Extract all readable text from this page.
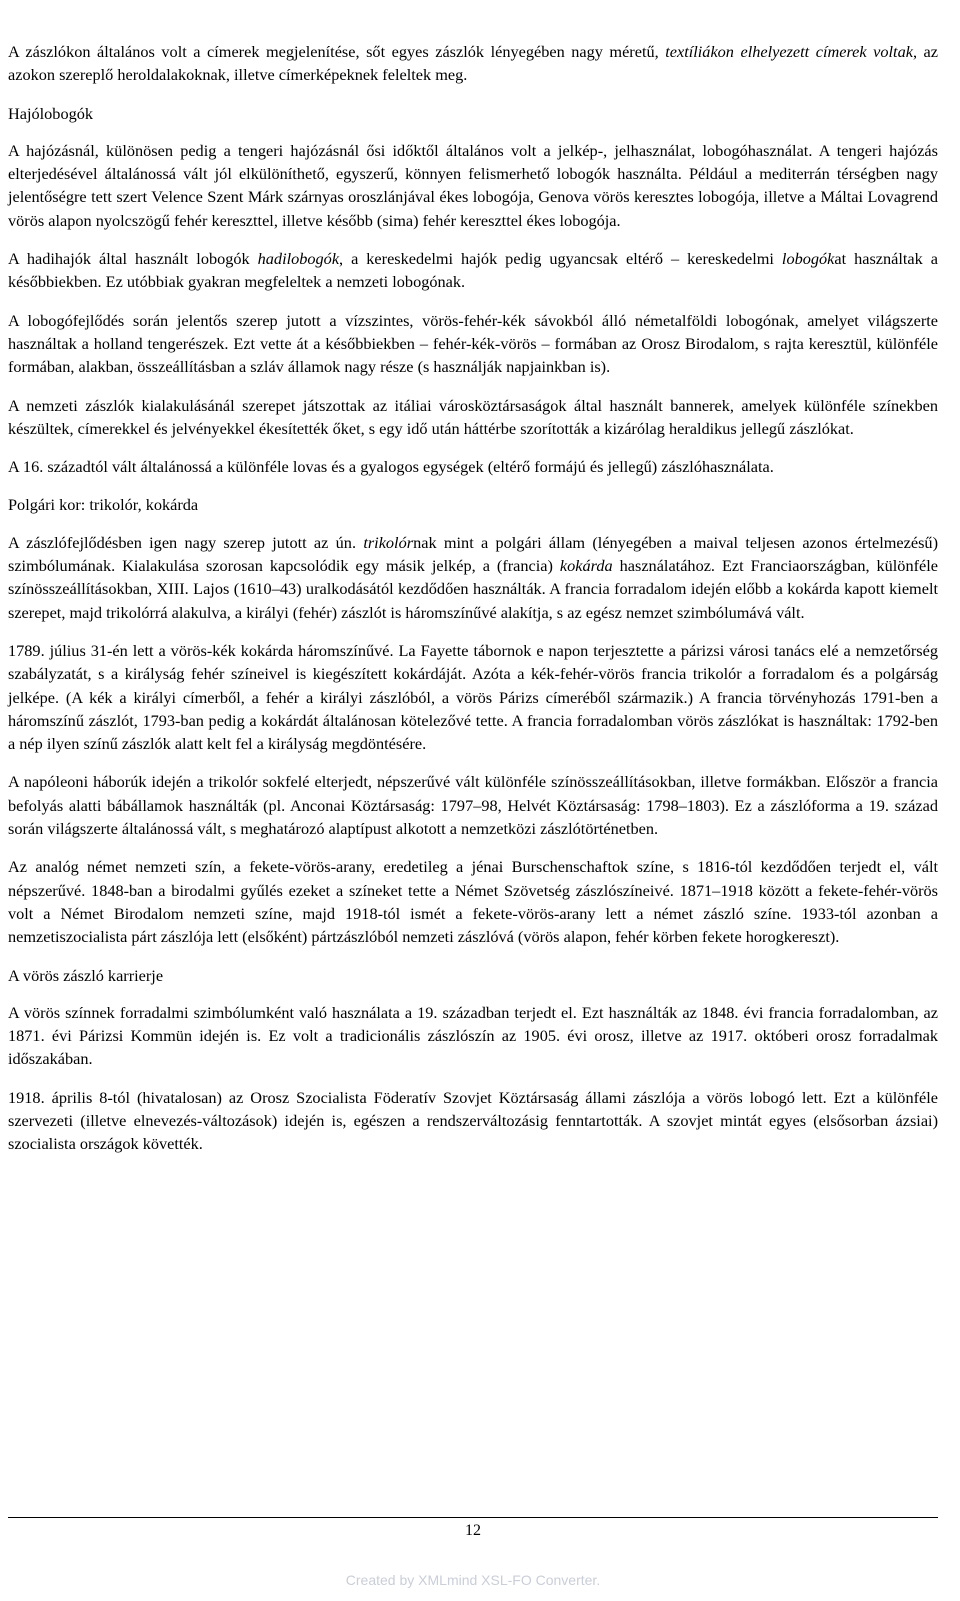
A zászlókon általános volt a címerek megjelenítése, sőt egyes zászlók lényegében nagy méretű, textíliákon elhelyezett címerek voltak, az azokon szereplő heroldalakoknak, illetve címerképeknek feleltek meg.
Hajólobogók
A hajózásnál, különösen pedig a tengeri hajózásnál ősi időktől általános volt a jelkép-, jelhasználat, lobogóhasználat. A tengeri hajózás elterjedésével általánossá vált jól elkülöníthető, egyszerű, könnyen felismerhető lobogók használta. Például a mediterrán térségben nagy jelentőségre tett szert Velence Szent Márk szárnyas oroszlánjával ékes lobogója, Genova vörös keresztes lobogója, illetve a Máltai Lovagrend vörös alapon nyolcszögű fehér kereszttel, illetve később (sima) fehér kereszttel ékes lobogója.
A hadihajók által használt lobogók hadilobogók, a kereskedelmi hajók pedig ugyancsak eltérő – kereskedelmi lobogókat használtak a későbbiekben. Ez utóbbiak gyakran megfeleltek a nemzeti lobogónak.
A lobogófejlődés során jelentős szerep jutott a vízszintes, vörös-fehér-kék sávokból álló németalföldi lobogónak, amelyet világszerte használtak a holland tengerészek. Ezt vette át a későbbiekben – fehér-kék-vörös – formában az Orosz Birodalom, s rajta keresztül, különféle formában, alakban, összeállításban a szláv államok nagy része (s használják napjainkban is).
A nemzeti zászlók kialakulásánál szerepet játszottak az itáliai városköztársaságok által használt bannerek, amelyek különféle színekben készültek, címerekkel és jelvényekkel ékesítették őket, s egy idő után háttérbe szorították a kizárólag heraldikus jellegű zászlókat.
A 16. századtól vált általánossá a különféle lovas és a gyalogos egységek (eltérő formájú és jellegű) zászlóhasználata.
Polgári kor: trikolór, kokárda
A zászlófejlődésben igen nagy szerep jutott az ún. trikolórnak mint a polgári állam (lényegében a maival teljesen azonos értelmezésű) szimbólumának. Kialakulása szorosan kapcsolódik egy másik jelkép, a (francia) kokárda használatához. Ezt Franciaországban, különféle színösszeállításokban, XIII. Lajos (1610–43) uralkodásától kezdődően használták. A francia forradalom idején előbb a kokárda kapott kiemelt szerepet, majd trikolórrá alakulva, a királyi (fehér) zászlót is háromszínűvé alakítja, s az egész nemzet szimbólumává vált.
1789. július 31-én lett a vörös-kék kokárda háromszínűvé. La Fayette tábornok e napon terjesztette a párizsi városi tanács elé a nemzetőrség szabályzatát, s a királyság fehér színeivel is kiegészített kokárdáját. Azóta a kék-fehér-vörös francia trikolór a forradalom és a polgárság jelképe. (A kék a királyi címerből, a fehér a királyi zászlóból, a vörös Párizs címeréből származik.) A francia törvényhozás 1791-ben a háromszínű zászlót, 1793-ban pedig a kokárdát általánosan kötelezővé tette. A francia forradalomban vörös zászlókat is használtak: 1792-ben a nép ilyen színű zászlók alatt kelt fel a királyság megdöntésére.
A napóleoni háborúk idején a trikolór sokfelé elterjedt, népszerűvé vált különféle színösszeállításokban, illetve formákban. Először a francia befolyás alatti bábállamok használták (pl. Anconai Köztársaság: 1797–98, Helvét Köztársaság: 1798–1803). Ez a zászlóforma a 19. század során világszerte általánossá vált, s meghatározó alaptípust alkotott a nemzetközi zászlótörténetben.
Az analóg német nemzeti szín, a fekete-vörös-arany, eredetileg a jénai Burschenschaftok színe, s 1816-tól kezdődően terjedt el, vált népszerűvé. 1848-ban a birodalmi gyűlés ezeket a színeket tette a Német Szövetség zászlószíneivé. 1871–1918 között a fekete-fehér-vörös volt a Német Birodalom nemzeti színe, majd 1918-tól ismét a fekete-vörös-arany lett a német zászló színe. 1933-tól azonban a nemzetiszocialista párt zászlója lett (elsőként) pártzászlóból nemzeti zászlóvá (vörös alapon, fehér körben fekete horogkereszt).
A vörös zászló karrierje
A vörös színnek forradalmi szimbólumként való használata a 19. században terjedt el. Ezt használták az 1848. évi francia forradalomban, az 1871. évi Párizsi Kommün idején is. Ez volt a tradicionális zászlószín az 1905. évi orosz, illetve az 1917. októberi orosz forradalmak időszakában.
1918. április 8-tól (hivatalosan) az Orosz Szocialista Föderatív Szovjet Köztársaság állami zászlója a vörös lobogó lett. Ezt a különféle szervezeti (illetve elnevezés-változások) idején is, egészen a rendszerváltozásig fenntartották. A szovjet mintát egyes (elsősorban ázsiai) szocialista országok követték.
12
Created by XMLmind XSL-FO Converter.
